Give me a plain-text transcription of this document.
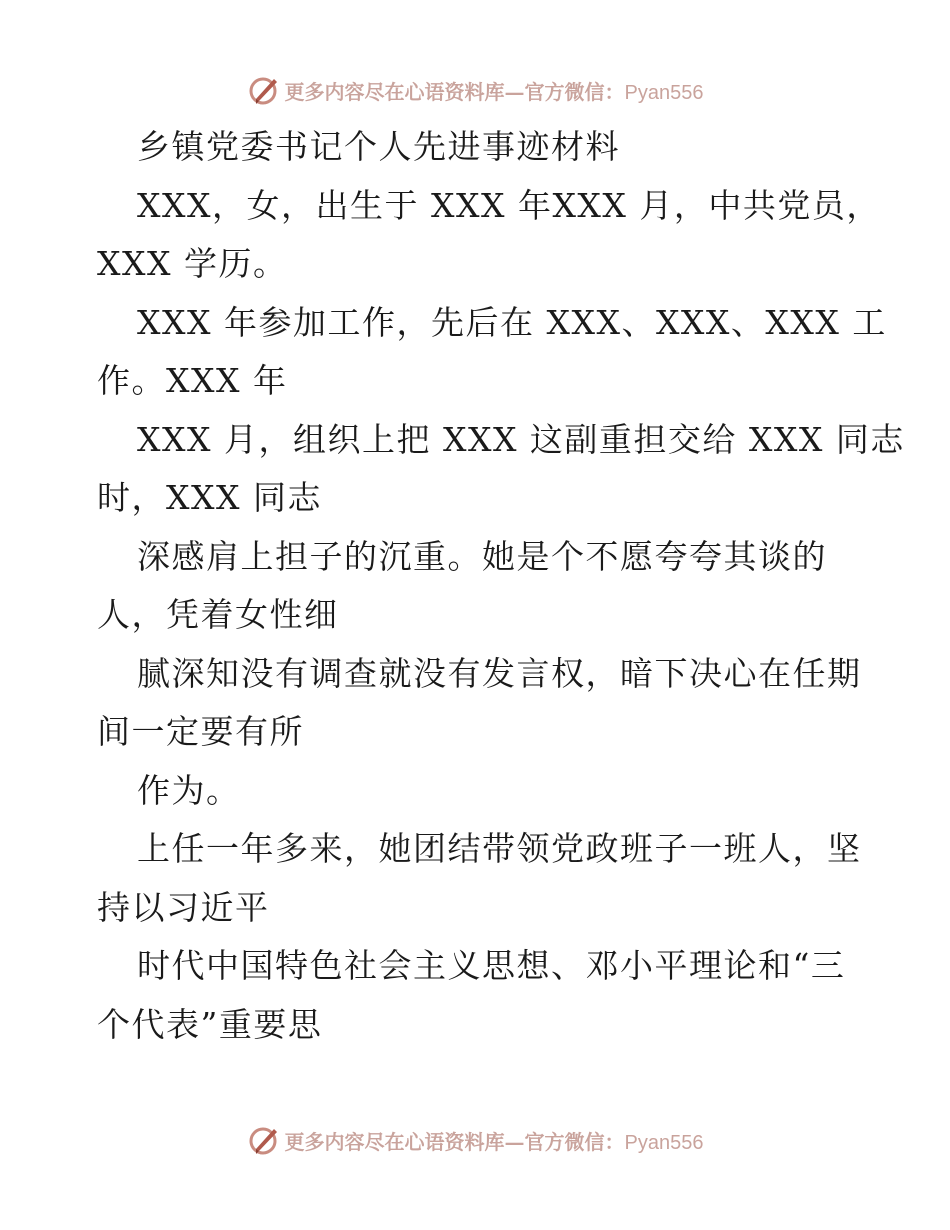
更多内容尽在心语资料库—官方微信：Pyan556
乡镇党委书记个人先进事迹材料
XXX，女，出生于 XXX 年XXX 月，中共党员，
XXX 学历。
XXX 年参加工作，先后在 XXX、XXX、XXX 工
作。XXX 年
XXX 月，组织上把 XXX 这副重担交给 XXX 同志
时，XXX 同志
深感肩上担子的沉重。她是个不愿夸夸其谈的
人，凭着女性细
腻深知没有调查就没有发言权，暗下决心在任期
间一定要有所
作为。
上任一年多来，她团结带领党政班子一班人，坚
持以习近平
时代中国特色社会主义思想、邓小平理论和“三
个代表”重要思
更多内容尽在心语资料库—官方微信：Pyan556
